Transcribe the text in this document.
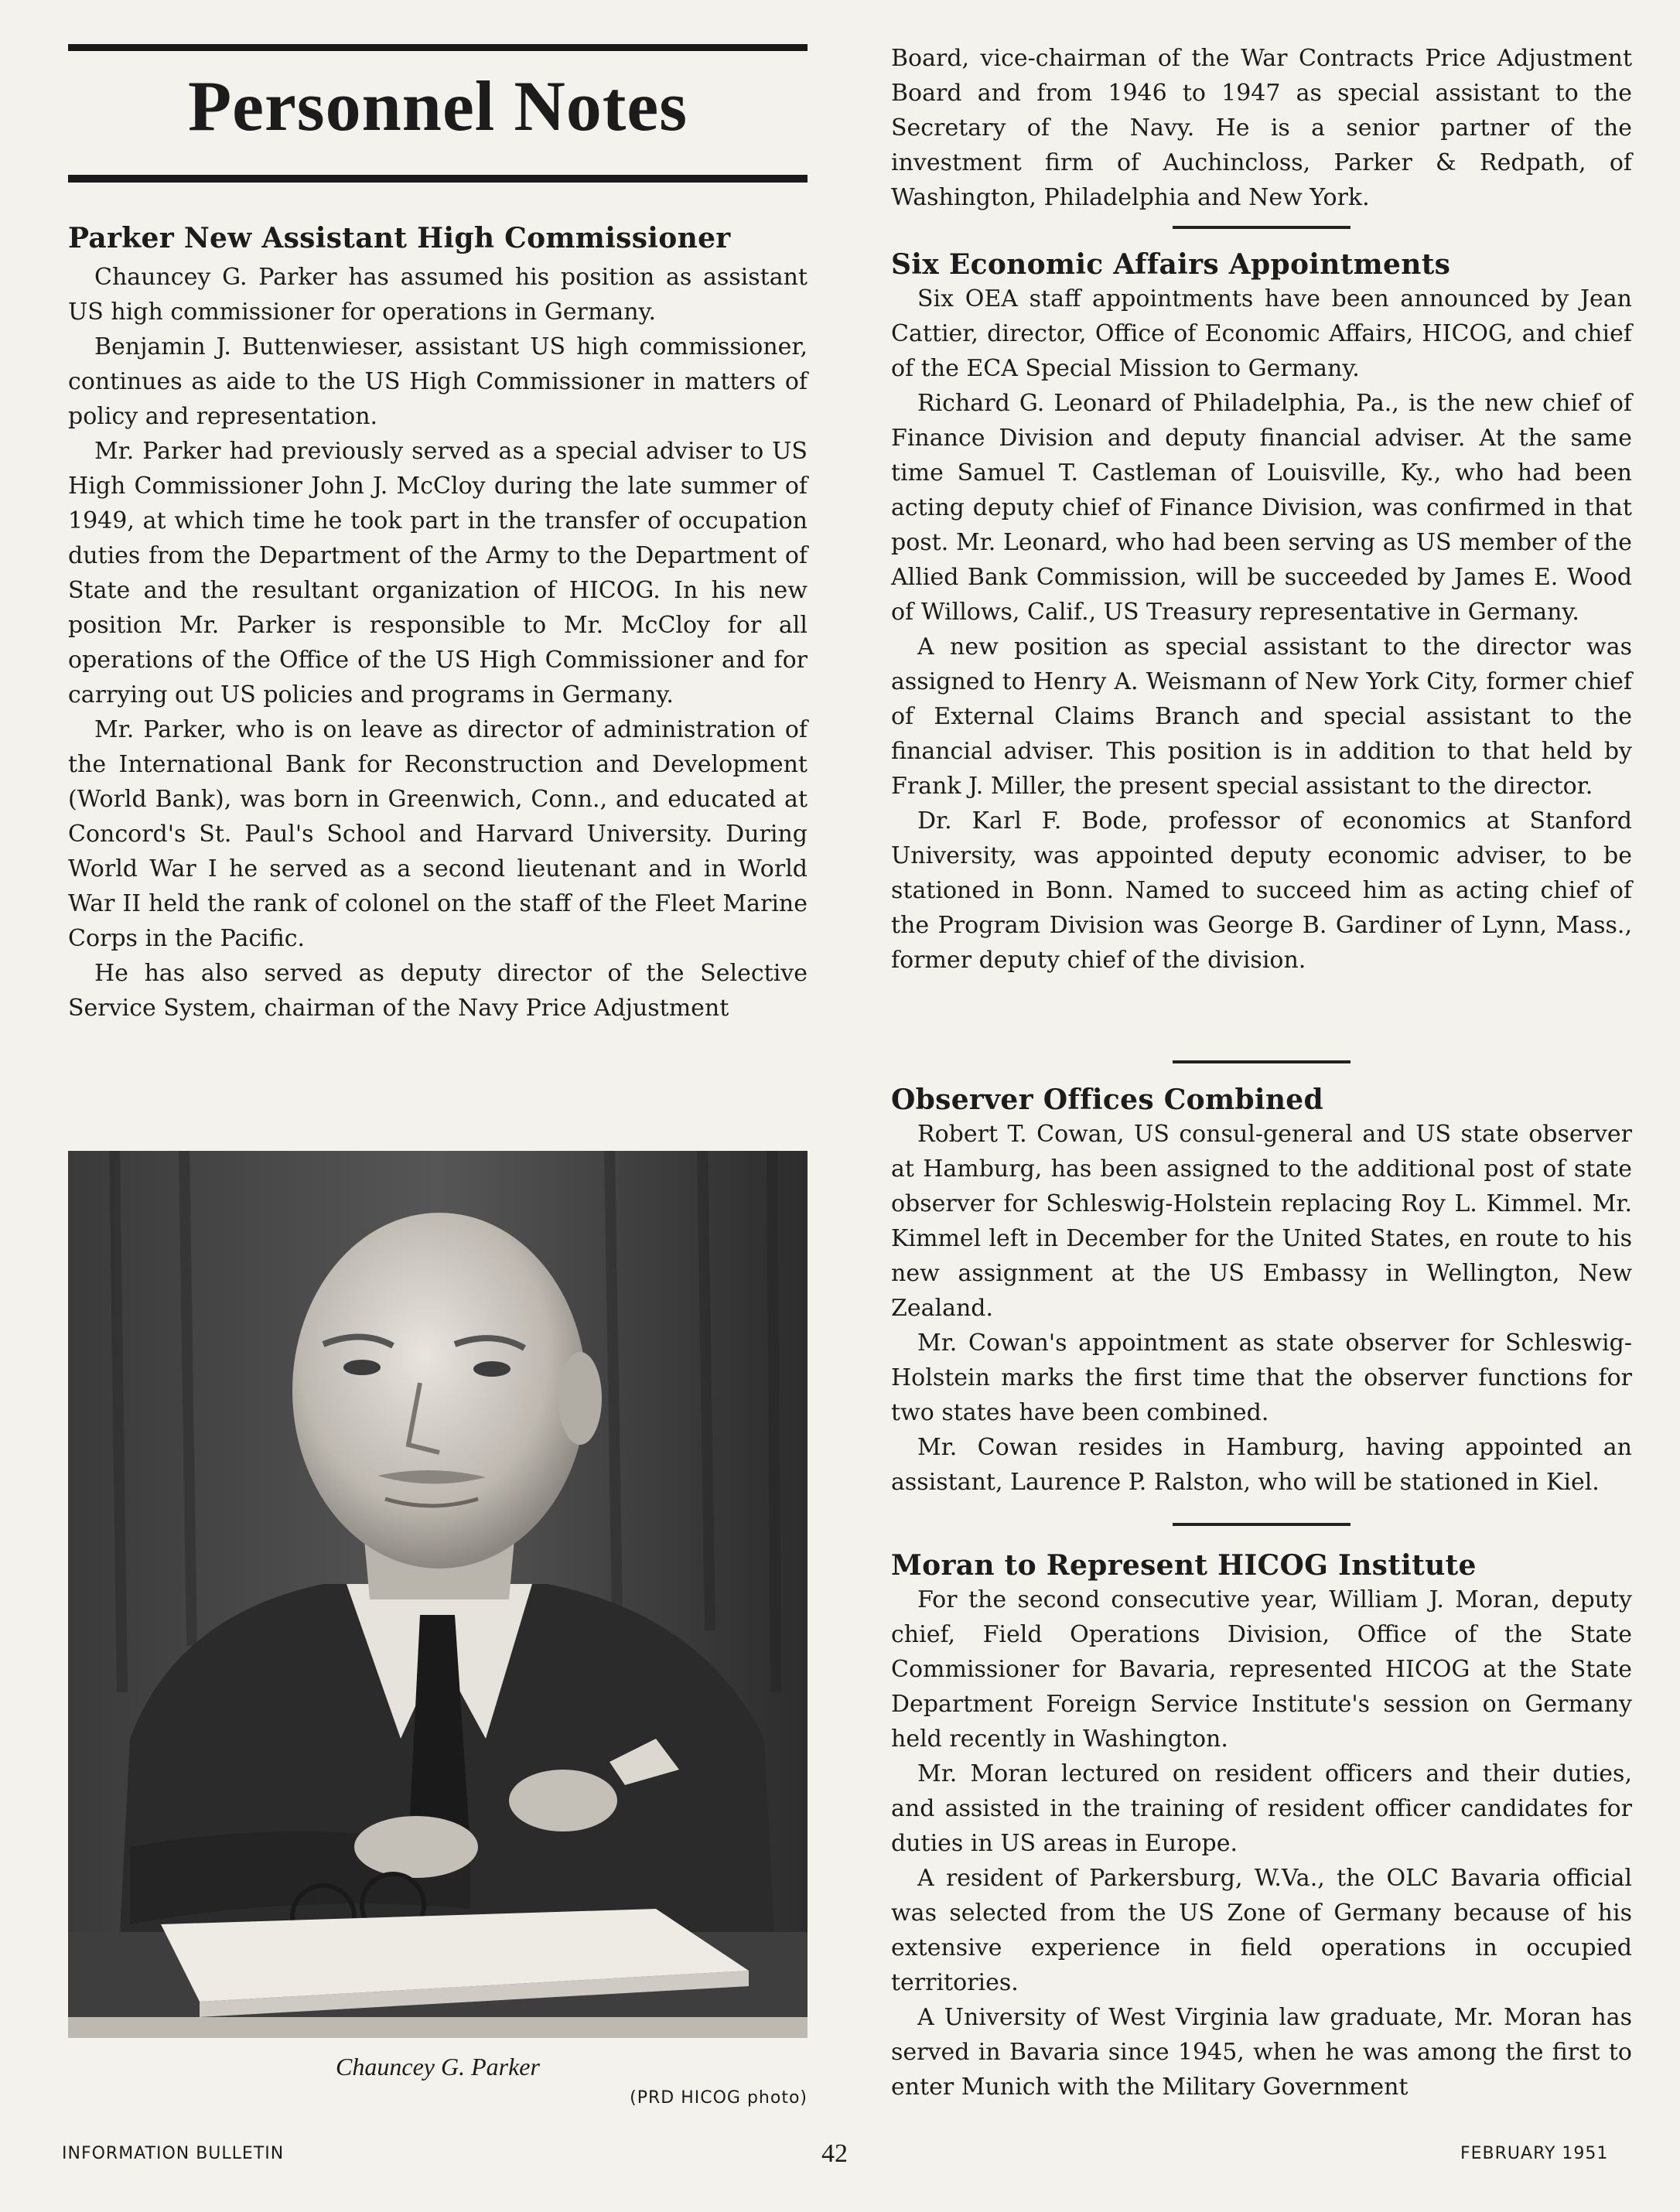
Personnel Notes
Parker New Assistant High Commissioner

Chauncey G. Parker has assumed his position as assistant US high commissioner for operations in Germany.

Benjamin J. Buttenwieser, assistant US high commissioner, continues as aide to the US High Commissioner in matters of policy and representation.

Mr. Parker had previously served as a special adviser to US High Commissioner John J. McCloy during the late summer of 1949, at which time he took part in the transfer of occupation duties from the Department of the Army to the Department of State and the resultant organization of HICOG. In his new position Mr. Parker is responsible to Mr. McCloy for all operations of the Office of the US High Commissioner and for carrying out US policies and programs in Germany.

Mr. Parker, who is on leave as director of administration of the International Bank for Reconstruction and Development (World Bank), was born in Greenwich, Conn., and educated at Concord's St. Paul's School and Harvard University. During World War I he served as a second lieutenant and in World War II held the rank of colonel on the staff of the Fleet Marine Corps in the Pacific.

He has also served as deputy director of the Selective Service System, chairman of the Navy Price Adjustment

Chauncey G. Parker
(PRD HICOG photo)

Board, vice-chairman of the War Contracts Price Adjustment Board and from 1946 to 1947 as special assistant to the Secretary of the Navy. He is a senior partner of the investment firm of Auchincloss, Parker & Redpath, of Washington, Philadelphia and New York.

Six Economic Affairs Appointments

Six OEA staff appointments have been announced by Jean Cattier, director, Office of Economic Affairs, HICOG, and chief of the ECA Special Mission to Germany.

Richard G. Leonard of Philadelphia, Pa., is the new chief of Finance Division and deputy financial adviser. At the same time Samuel T. Castleman of Louisville, Ky., who had been acting deputy chief of Finance Division, was confirmed in that post. Mr. Leonard, who had been serving as US member of the Allied Bank Commission, will be succeeded by James E. Wood of Willows, Calif., US Treasury representative in Germany.

A new position as special assistant to the director was assigned to Henry A. Weismann of New York City, former chief of External Claims Branch and special assistant to the financial adviser. This position is in addition to that held by Frank J. Miller, the present special assistant to the director.

Dr. Karl F. Bode, professor of economics at Stanford University, was appointed deputy economic adviser, to be stationed in Bonn. Named to succeed him as acting chief of the Program Division was George B. Gardiner of Lynn, Mass., former deputy chief of the division.

Observer Offices Combined

Robert T. Cowan, US consul-general and US state observer at Hamburg, has been assigned to the additional post of state observer for Schleswig-Holstein replacing Roy L. Kimmel. Mr. Kimmel left in December for the United States, en route to his new assignment at the US Embassy in Wellington, New Zealand.

Mr. Cowan's appointment as state observer for Schleswig-Holstein marks the first time that the observer functions for two states have been combined.

Mr. Cowan resides in Hamburg, having appointed an assistant, Laurence P. Ralston, who will be stationed in Kiel.

Moran to Represent HICOG Institute

For the second consecutive year, William J. Moran, deputy chief, Field Operations Division, Office of the State Commissioner for Bavaria, represented HICOG at the State Department Foreign Service Institute's session on Germany held recently in Washington.

Mr. Moran lectured on resident officers and their duties, and assisted in the training of resident officer candidates for duties in US areas in Europe.

A resident of Parkersburg, W.Va., the OLC Bavaria official was selected from the US Zone of Germany because of his extensive experience in field operations in occupied territories.

A University of West Virginia law graduate, Mr. Moran has served in Bavaria since 1945, when he was among the first to enter Munich with the Military Government

INFORMATION BULLETIN	42	FEBRUARY 1951
